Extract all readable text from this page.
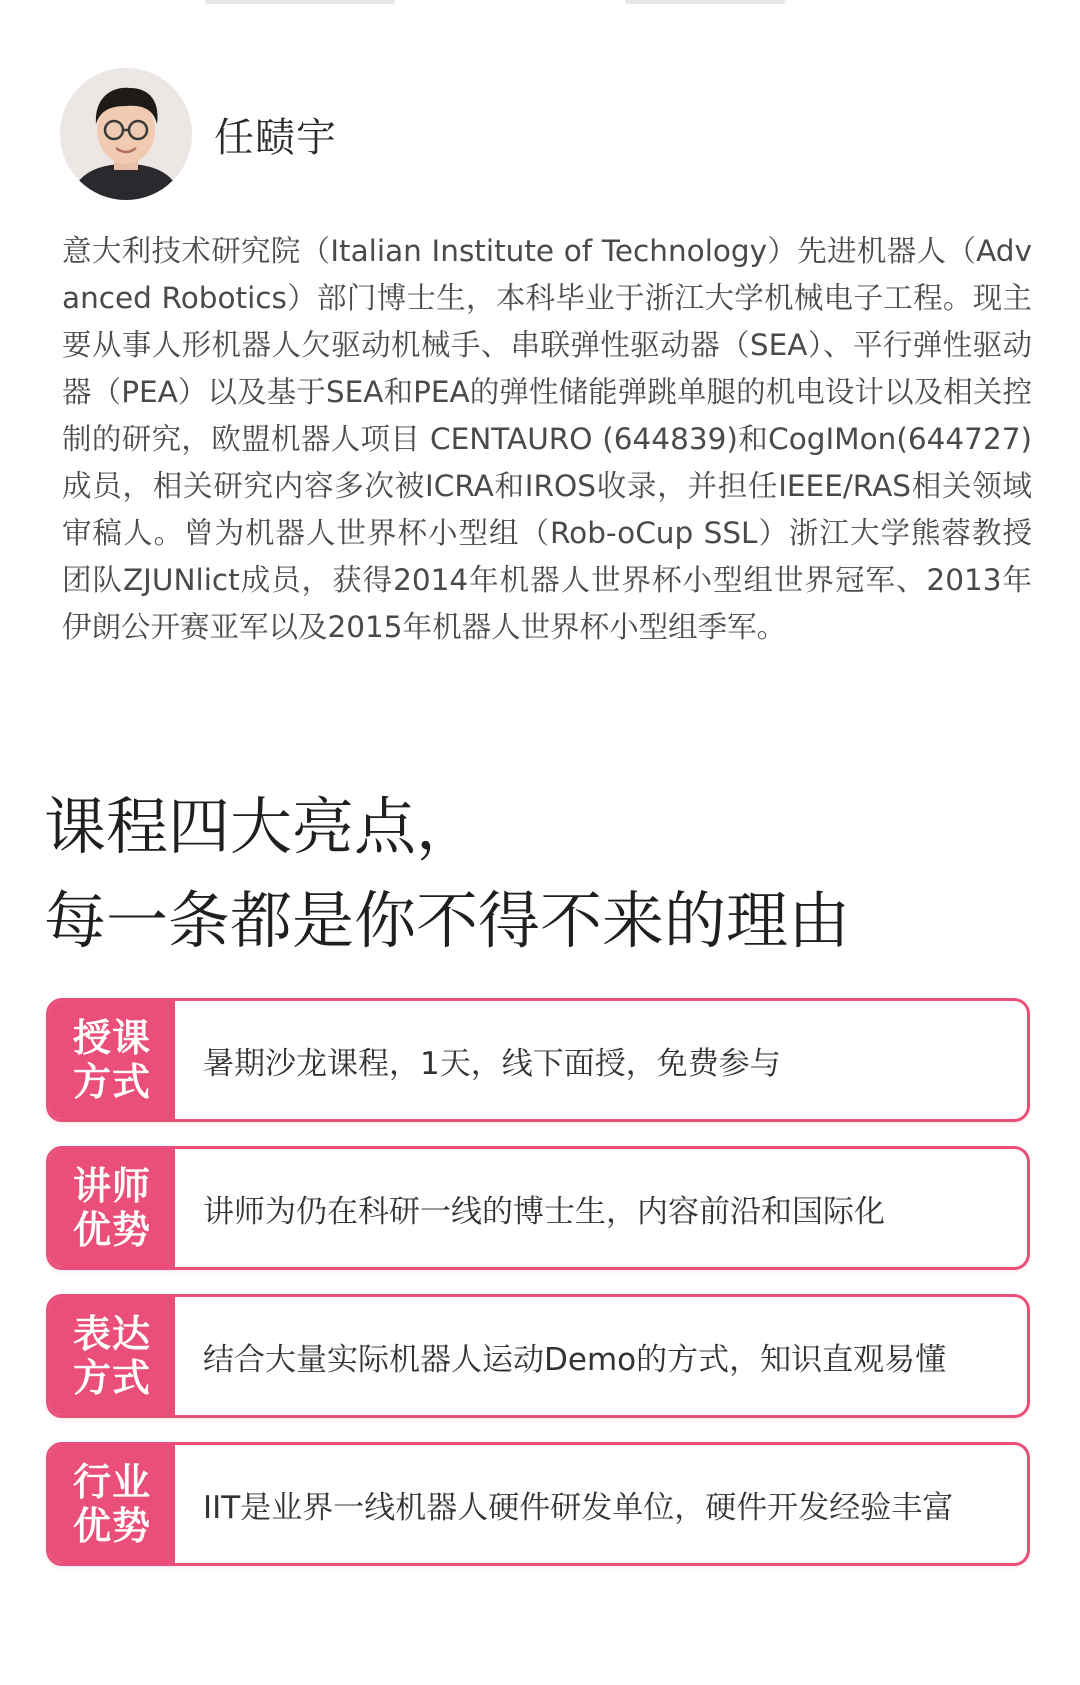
任赜宇

意大利技术研究院（Italian Institute of Technology）先进机器人（Advanced Robotics）部门博士生，本科毕业于浙江大学机械电子工程。现主要从事人形机器人欠驱动机械手、串联弹性驱动器（SEA）、平行弹性驱动器（PEA）以及基于SEA和PEA的弹性储能弹跳单腿的机电设计以及相关控制的研究，欧盟机器人项目 CENTAURO (644839)和CogIMon(644727)成员，相关研究内容多次被ICRA和IROS收录，并担任IEEE/RAS相关领域审稿人。曾为机器人世界杯小型组（Rob-oCup SSL）浙江大学熊蓉教授团队ZJUNlict成员，获得2014年机器人世界杯小型组世界冠军、2013年伊朗公开赛亚军以及2015年机器人世界杯小型组季军。

课程四大亮点，
每一条都是你不得不来的理由
授课
方式	暑期沙龙课程，1天，线下面授，免费参与
讲师
优势	讲师为仍在科研一线的博士生，内容前沿和国际化
表达
方式	结合大量实际机器人运动Demo的方式，知识直观易懂
行业
优势	IIT是业界一线机器人硬件研发单位，硬件开发经验丰富
